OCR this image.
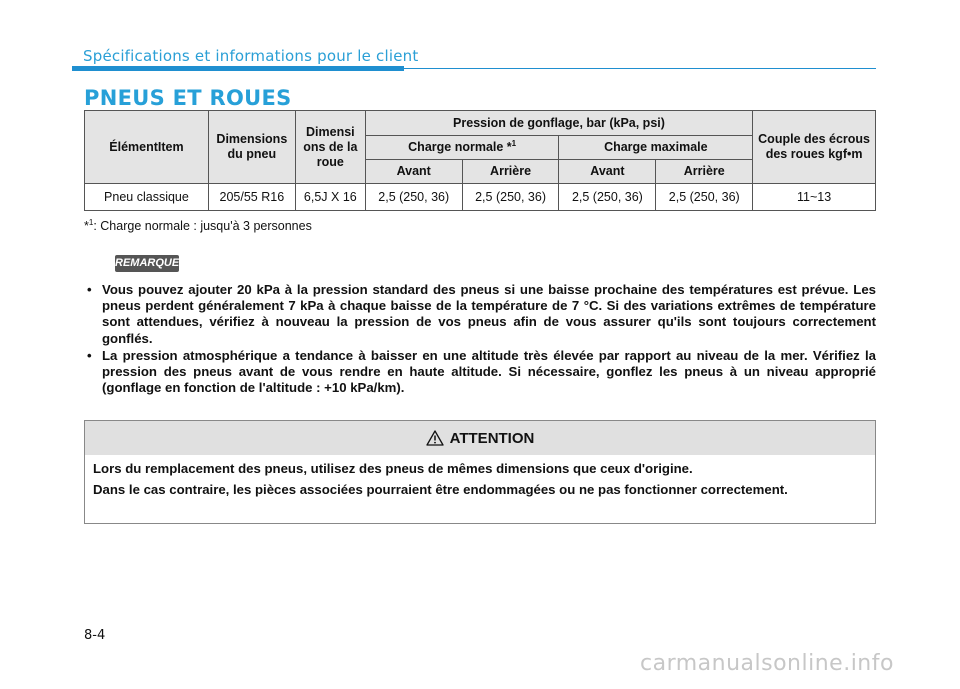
Spécifications et informations pour le client
PNEUS ET ROUES
ÉlémentItem	Dimensions du pneu	Dimensi ons de la roue	Pression de gonflage, bar (kPa, psi)				Couple des écrous des roues kgf•m
			Charge normale *$^1$		Charge maximale		
			Avant	Arrière	Avant	Arrière	
Pneu classique	205/55 R16	6,5J X 16	2,5 (250, 36)	2,5 (250, 36)	2,5 (250, 36)	2,5 (250, 36)	11~13
*$^1$: Charge normale : jusqu'à 3 personnes
REMARQUE
• Vous pouvez ajouter 20 kPa à la pression standard des pneus si une baisse prochaine des températures est prévue. Les pneus perdent généralement 7 kPa à chaque baisse de la température de 7 °C. Si des variations extrêmes de température sont attendues, vérifiez à nouveau la pression de vos pneus afin de vous assurer qu'ils sont toujours correctement gonflés.
• La pression atmosphérique a tendance à baisser en une altitude très élevée par rapport au niveau de la mer. Vérifiez la pression des pneus avant de vous rendre en haute altitude. Si nécessaire, gonflez les pneus à un niveau approprié (gonflage en fonction de l'altitude : +10 kPa/km).
ATTENTION

Lors du remplacement des pneus, utilisez des pneus de mêmes dimensions que ceux d'origine.

Dans le cas contraire, les pièces associées pourraient être endommagées ou ne pas fonctionner correctement.

8-4
carmanualsonline.info
